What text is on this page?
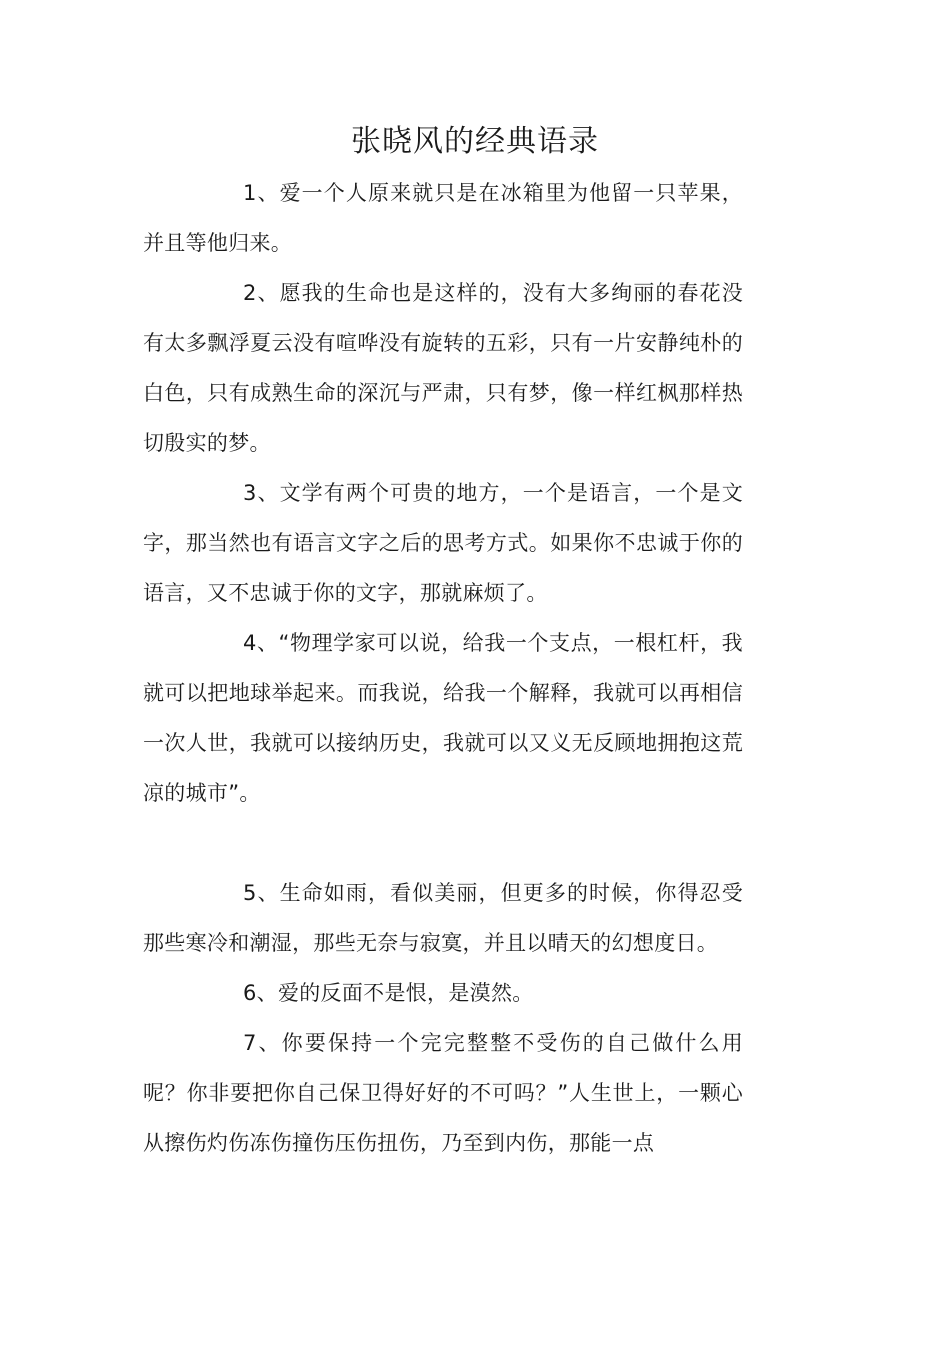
张晓风的经典语录

1、爱一个人原来就只是在冰箱里为他留一只苹果，并且等他归来。

2、愿我的生命也是这样的，没有大多绚丽的春花没有太多飘浮夏云没有喧哗没有旋转的五彩，只有一片安静纯朴的白色，只有成熟生命的深沉与严肃，只有梦，像一样红枫那样热切殷实的梦。

3、文学有两个可贵的地方，一个是语言，一个是文字，那当然也有语言文字之后的思考方式。如果你不忠诚于你的语言，又不忠诚于你的文字，那就麻烦了。

4、“物理学家可以说，给我一个支点，一根杠杆，我就可以把地球举起来。而我说，给我一个解释，我就可以再相信一次人世，我就可以接纳历史，我就可以又义无反顾地拥抱这荒凉的城市”。

5、生命如雨，看似美丽，但更多的时候，你得忍受那些寒冷和潮湿，那些无奈与寂寞，并且以晴天的幻想度日。

6、爱的反面不是恨，是漠然。

7、你要保持一个完完整整不受伤的自己做什么用呢？你非要把你自己保卫得好好的不可吗？”人生世上，一颗心从擦伤灼伤冻伤撞伤压伤扭伤，乃至到内伤，那能一点
